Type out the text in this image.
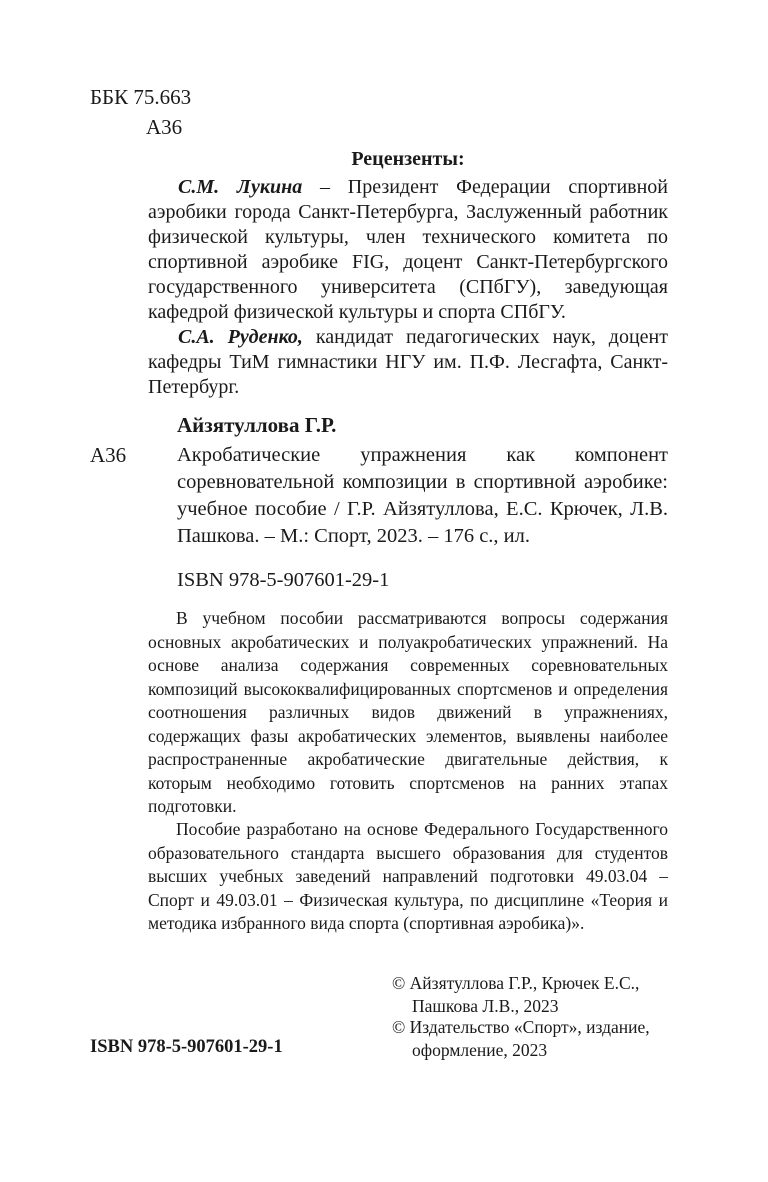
ББК 75.663
А36
Рецензенты:

С.М. Лукина – Президент Федерации спортивной аэробики города Санкт-Петербурга, Заслуженный работник физической культуры, член технического комитета по спортивной аэробике FIG, доцент Санкт-Петербургского государственного университета (СПбГУ), заведующая кафедрой физической культуры и спорта СПбГУ.

С.А. Руденко, кандидат педагогических наук, доцент кафедры ТиМ гимнастики НГУ им. П.Ф. Лесгафта, Санкт-Петербург.

Айзятуллова Г.Р.
А36 Акробатические упражнения как компонент соревновательной композиции в спортивной аэробике: учебное пособие / Г.Р. Айзятуллова, Е.С. Крючек, Л.В. Пашкова. – М.: Спорт, 2023. – 176 с., ил.

ISBN 978-5-907601-29-1

В учебном пособии рассматриваются вопросы содержания основных акробатических и полуакробатических упражнений. На основе анализа содержания современных соревновательных композиций высококвалифицированных спортсменов и определения соотношения различных видов движений в упражнениях, содержащих фазы акробатических элементов, выявлены наиболее распространенные акробатические двигательные действия, к которым необходимо готовить спортсменов на ранних этапах подготовки.

Пособие разработано на основе Федерального Государственного образовательного стандарта высшего образования для студентов высших учебных заведений направлений подготовки 49.03.04 – Спорт и 49.03.01 – Физическая культура, по дисциплине «Теория и методика избранного вида спорта (спортивная аэробика)».

© Айзятуллова Г.Р., Крючек Е.С.,

Пашкова Л.В., 2023

© Издательство «Спорт», издание,

оформление, 2023

ISBN 978-5-907601-29-1
